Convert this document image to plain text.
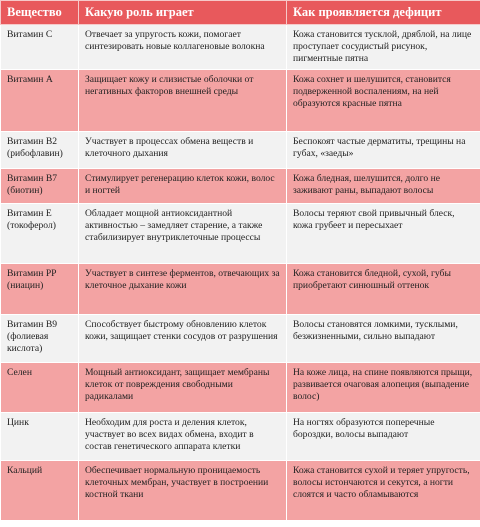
Вещество	Какую роль играет	Как проявляется дефицит
Витамин С	Отвечает за упругость кожи, помогает синтезировать новые коллагеновые волокна	Кожа становится тусклой, дряблой, на лице проступает сосудистый рисунок, пигментные пятна
Витамин А	Защищает кожу и слизистые оболочки от негативных факторов внешней среды	Кожа сохнет и шелушится, становится подверженной воспалениям, на ней образуются красные пятна
Витамин В2 (рибофлавин)	Участвует в процессах обмена веществ и клеточного дыхания	Беспокоят частые дерматиты, трещины на губах, «заеды»
Витамин В7 (биотин)	Стимулирует регенерацию клеток кожи, волос и ногтей	Кожа бледная, шелушится, долго не заживают раны, выпадают волосы
Витамин Е (токоферол)	Обладает мощной антиоксидантной активностью – замедляет старение, а также стабилизирует внутриклеточные процессы	Волосы теряют свой привычный блеск, кожа грубеет и пересыхает
Витамин РР (ниацин)	Участвует в синтезе ферментов, отвечающих за клеточное дыхание кожи	Кожа становится бледной, сухой, губы приобретают синюшный оттенок
Витамин В9 (фолиевая кислота)	Способствует быстрому обновлению клеток кожи, защищает стенки сосудов от разрушения	Волосы становятся ломкими, тусклыми, безжизненными, сильно выпадают
Селен	Мощный антиоксидант, защищает мембраны клеток от повреждения свободными радикалами	На коже лица, на спине появляются прыщи, развивается очаговая алопеция (выпадение волос)
Цинк	Необходим для роста и деления клеток, участвует во всех видах обмена, входит в состав генетического аппарата клетки	На ногтях образуются поперечные бороздки, волосы выпадают
Кальций	Обеспечивает нормальную проницаемость клеточных мембран, участвует в построении костной ткани	Кожа становится сухой и теряет упругость, волосы истончаются и секутся, а ногти слоятся и часто обламываются
